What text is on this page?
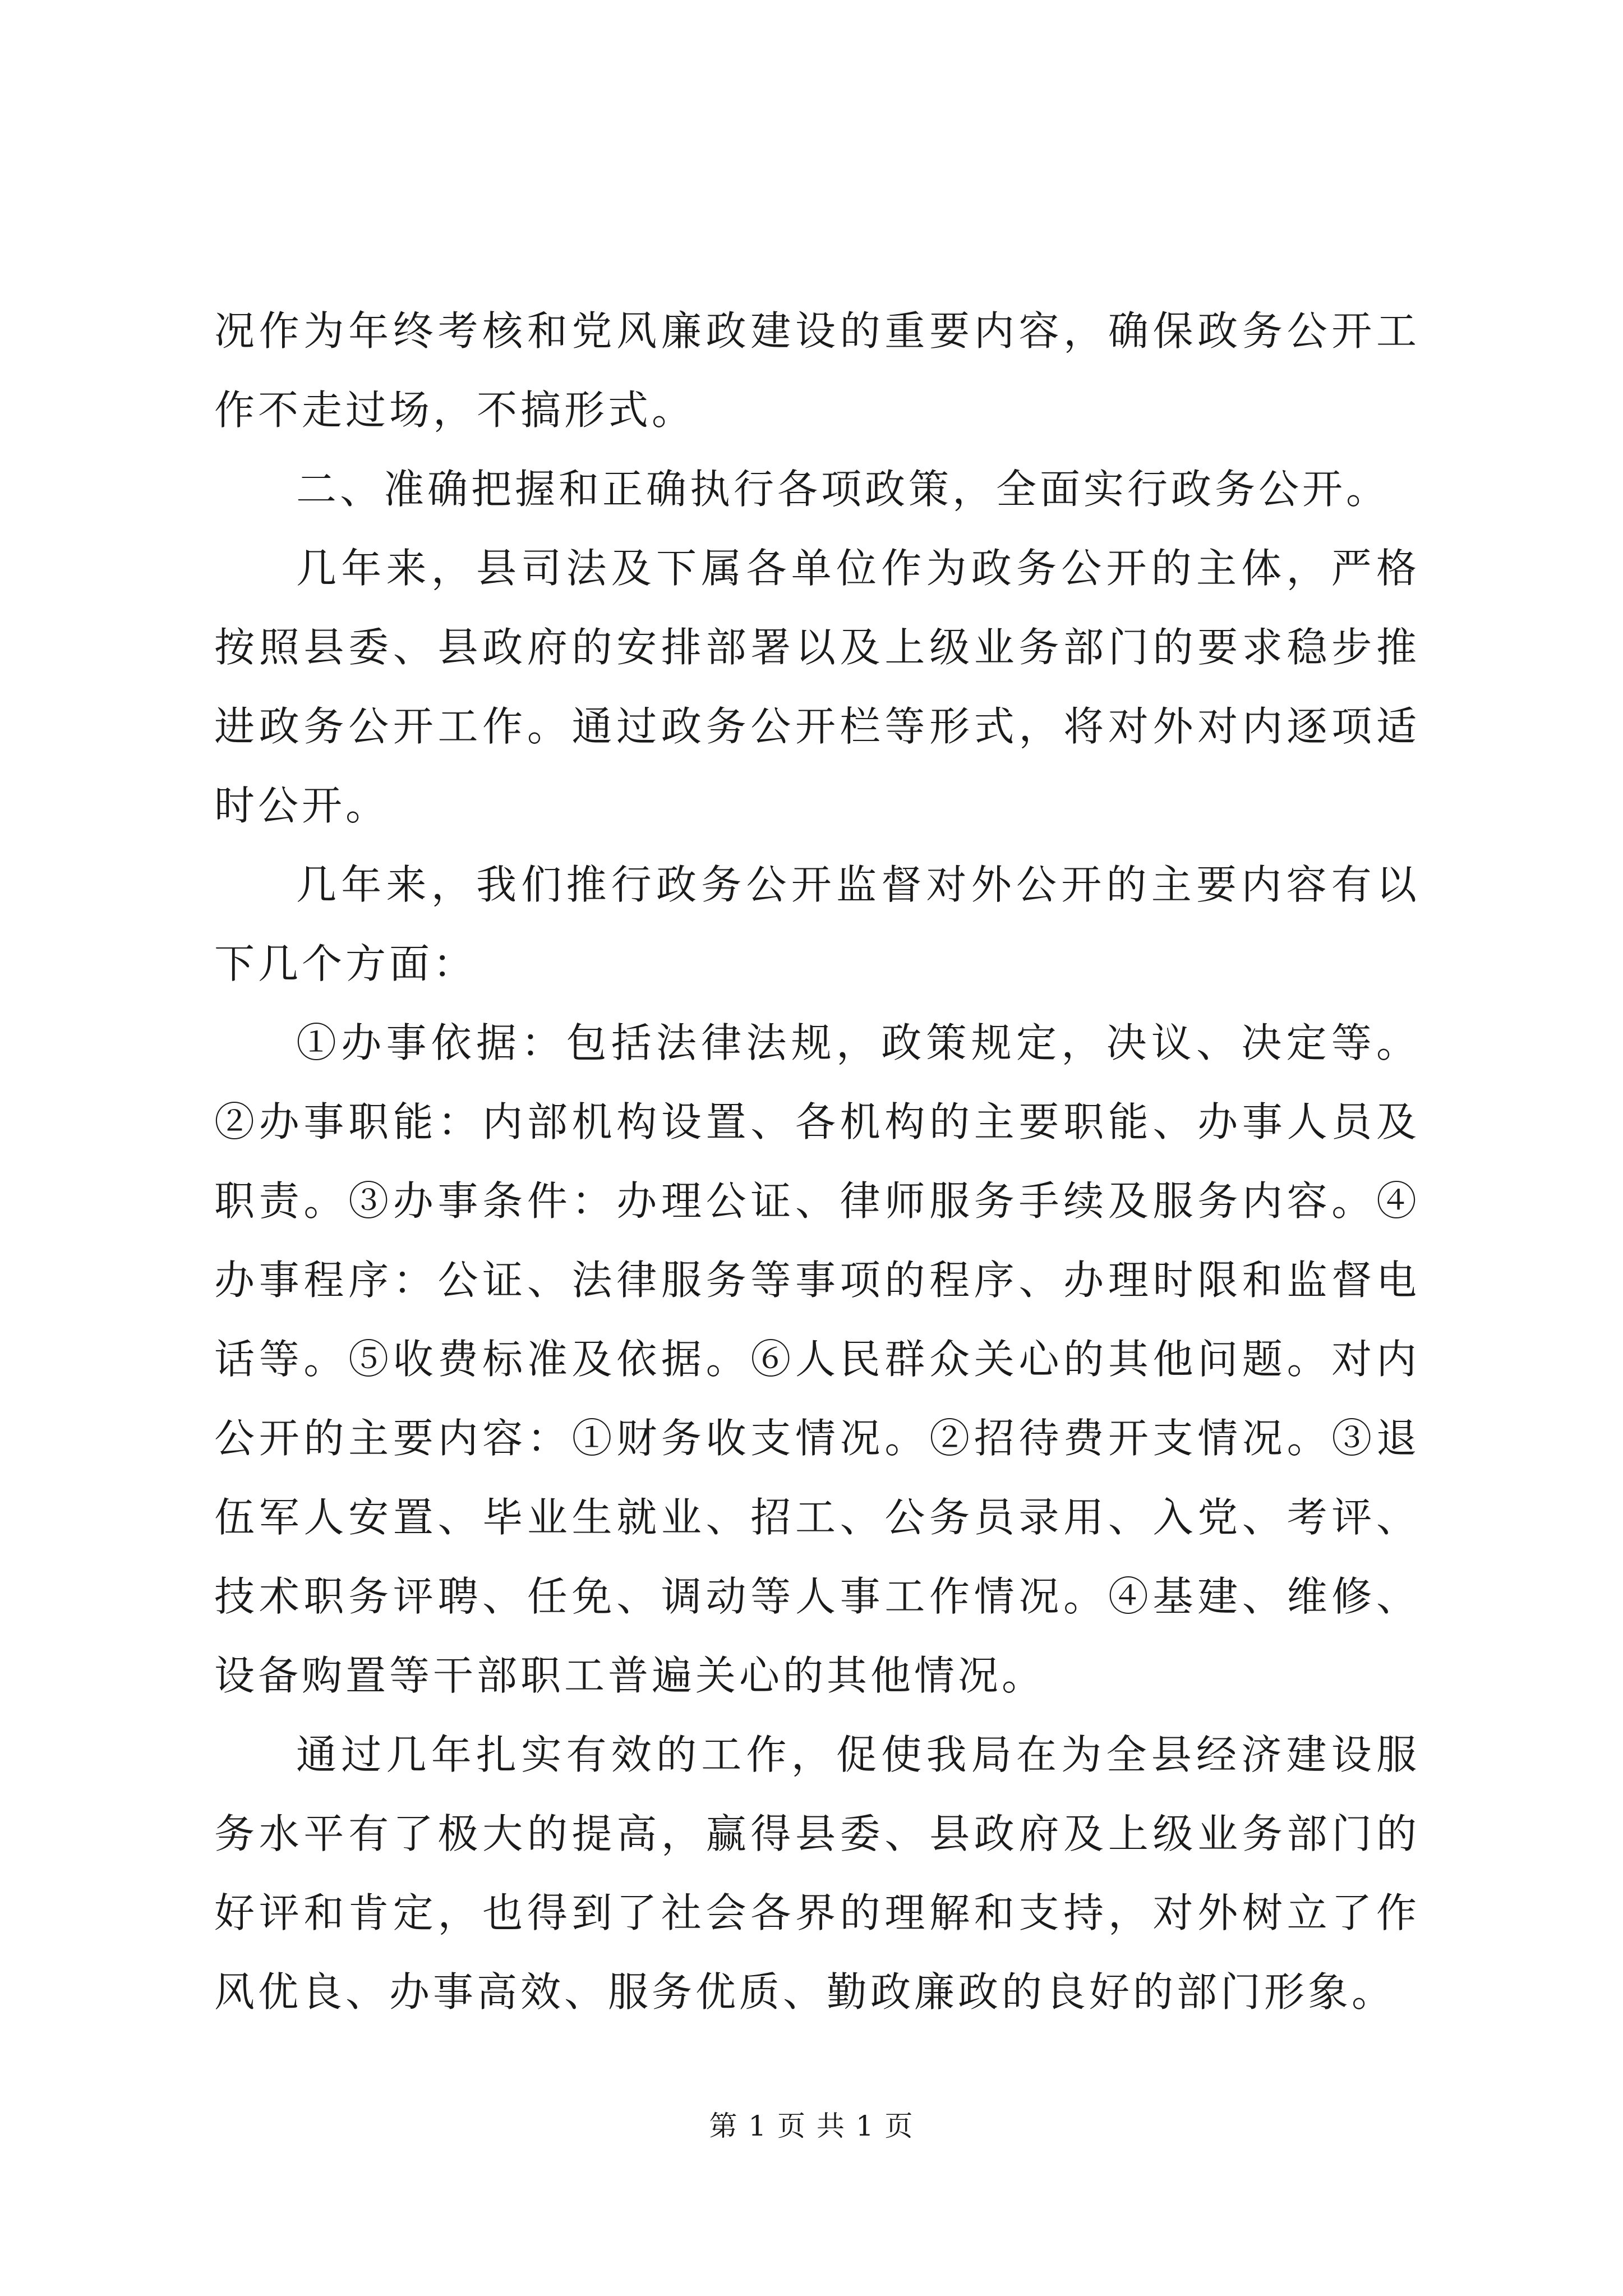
况作为年终考核和党风廉政建设的重要内容，确保政务公开工作不走过场，不搞形式。

二、准确把握和正确执行各项政策，全面实行政务公开。

几年来，县司法及下属各单位作为政务公开的主体，严格按照县委、县政府的安排部署以及上级业务部门的要求稳步推进政务公开工作。通过政务公开栏等形式，将对外对内逐项适时公开。

几年来，我们推行政务公开监督对外公开的主要内容有以下几个方面：

①办事依据：包括法律法规，政策规定，决议、决定等。②办事职能：内部机构设置、各机构的主要职能、办事人员及职责。③办事条件：办理公证、律师服务手续及服务内容。④办事程序：公证、法律服务等事项的程序、办理时限和监督电话等。⑤收费标准及依据。⑥人民群众关心的其他问题。对内公开的主要内容：①财务收支情况。②招待费开支情况。③退伍军人安置、毕业生就业、招工、公务员录用、入党、考评、技术职务评聘、任免、调动等人事工作情况。④基建、维修、设备购置等干部职工普遍关心的其他情况。

通过几年扎实有效的工作，促使我局在为全县经济建设服务水平有了极大的提高，赢得县委、县政府及上级业务部门的好评和肯定，也得到了社会各界的理解和支持，对外树立了作风优良、办事高效、服务优质、勤政廉政的良好的部门形象。

第 1 页 共 1 页
